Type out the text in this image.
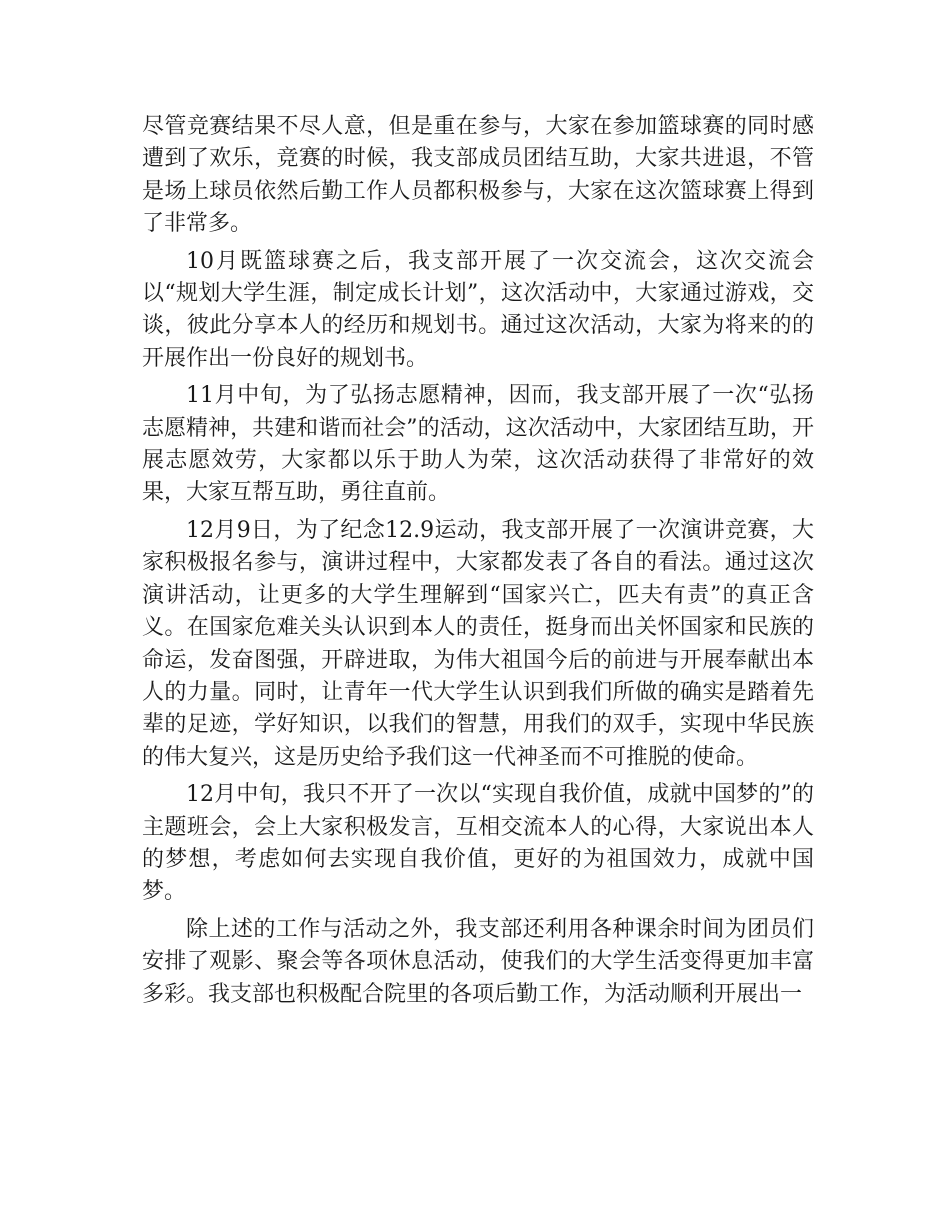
尽管竞赛结果不尽人意，但是重在参与，大家在参加篮球赛的同时感遭到了欢乐，竞赛的时候，我支部成员团结互助，大家共进退，不管是场上球员依然后勤工作人员都积极参与，大家在这次篮球赛上得到了非常多。

10月既篮球赛之后，我支部开展了一次交流会，这次交流会以“规划大学生涯，制定成长计划”，这次活动中，大家通过游戏，交谈，彼此分享本人的经历和规划书。通过这次活动，大家为将来的的开展作出一份良好的规划书。

11月中旬，为了弘扬志愿精神，因而，我支部开展了一次“弘扬志愿精神，共建和谐而社会”的活动，这次活动中，大家团结互助，开展志愿效劳，大家都以乐于助人为荣，这次活动获得了非常好的效果，大家互帮互助，勇往直前。

12月9日，为了纪念12.9运动，我支部开展了一次演讲竞赛，大家积极报名参与，演讲过程中，大家都发表了各自的看法。通过这次演讲活动，让更多的大学生理解到“国家兴亡，匹夫有责”的真正含义。在国家危难关头认识到本人的责任，挺身而出关怀国家和民族的命运，发奋图强，开辟进取，为伟大祖国今后的前进与开展奉献出本人的力量。同时，让青年一代大学生认识到我们所做的确实是踏着先辈的足迹，学好知识，以我们的智慧，用我们的双手，实现中华民族的伟大复兴，这是历史给予我们这一代神圣而不可推脱的使命。

12月中旬，我只不开了一次以“实现自我价值，成就中国梦的”的主题班会，会上大家积极发言，互相交流本人的心得，大家说出本人的梦想，考虑如何去实现自我价值，更好的为祖国效力，成就中国梦。

除上述的工作与活动之外，我支部还利用各种课余时间为团员们安排了观影、聚会等各项休息活动，使我们的大学生活变得更加丰富多彩。我支部也积极配合院里的各项后勤工作，为活动顺利开展出一
